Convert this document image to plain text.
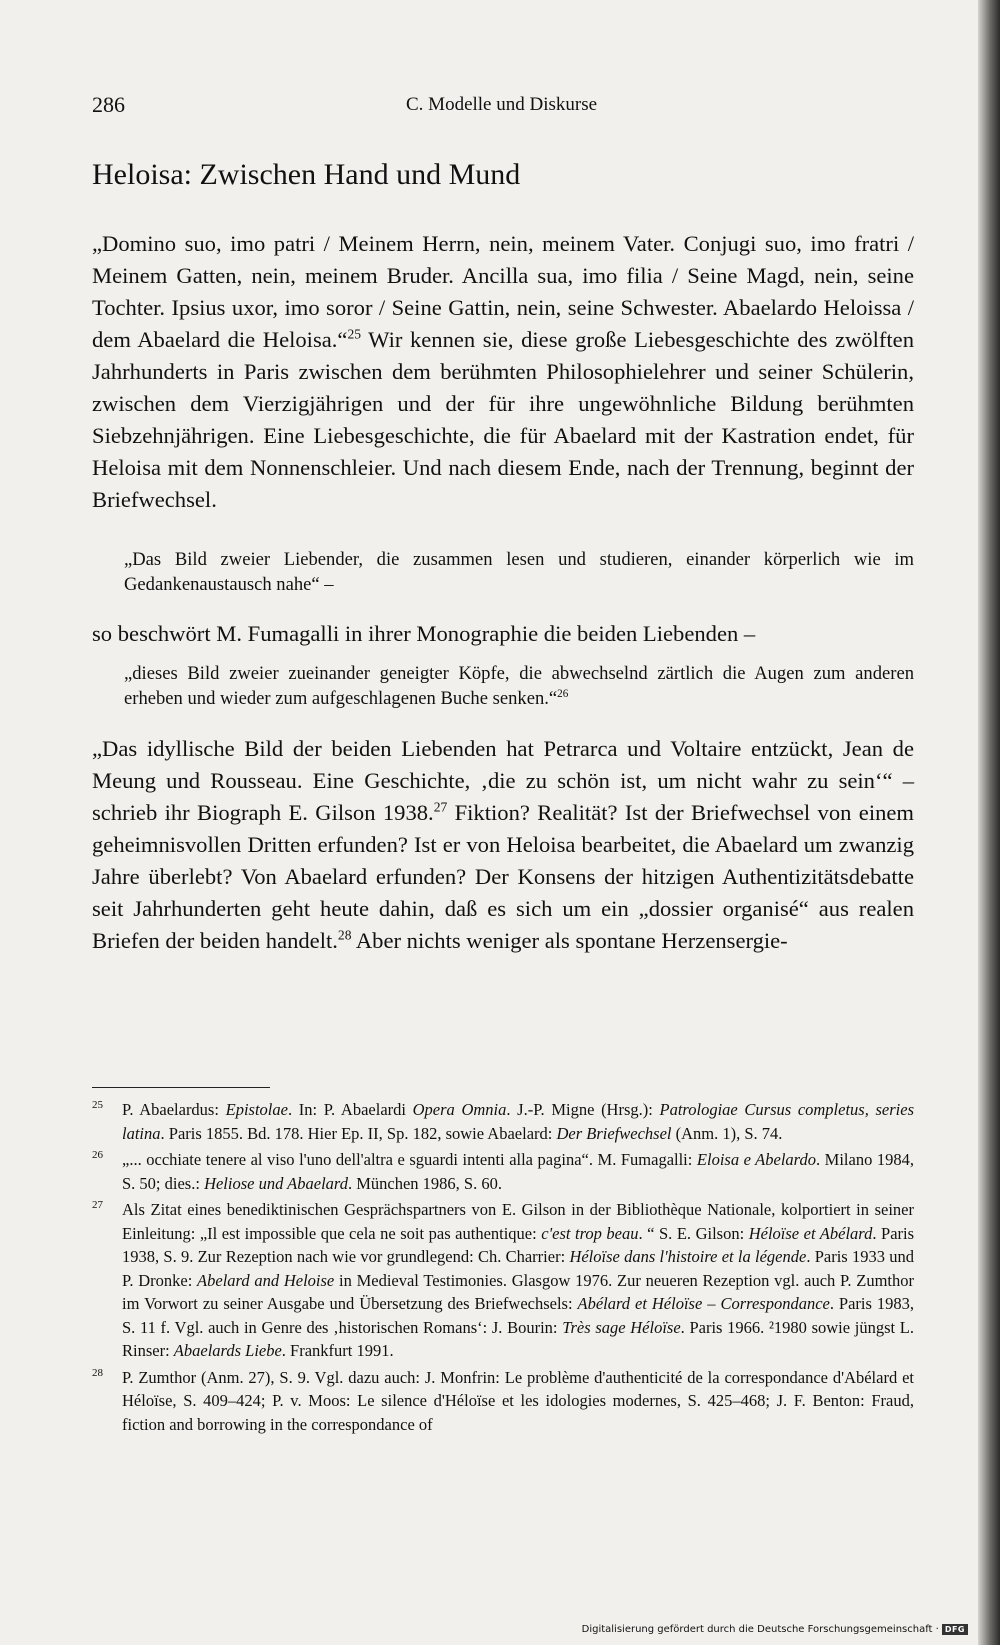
286	C. Modelle und Diskurse
Heloisa: Zwischen Hand und Mund

„Domino suo, imo patri / Meinem Herrn, nein, meinem Vater. Conjugi suo, imo fratri / Meinem Gatten, nein, meinem Bruder. Ancilla sua, imo filia / Seine Magd, nein, seine Tochter. Ipsius uxor, imo soror / Seine Gattin, nein, seine Schwester. Abaelardo Heloissa / dem Abaelard die Heloisa.“$^{25}$ Wir kennen sie, diese große Liebesgeschichte des zwölften Jahrhunderts in Paris zwischen dem berühmten Philosophielehrer und seiner Schülerin, zwischen dem Vierzigjährigen und der für ihre ungewöhnliche Bildung berühmten Siebzehnjährigen. Eine Liebesgeschichte, die für Abaelard mit der Kastration endet, für Heloisa mit dem Nonnenschleier. Und nach diesem Ende, nach der Trennung, beginnt der Briefwechsel.

„Das Bild zweier Liebender, die zusammen lesen und studieren, einander körperlich wie im Gedankenaustausch nahe“ –

so beschwört M. Fumagalli in ihrer Monographie die beiden Liebenden –

„dieses Bild zweier zueinander geneigter Köpfe, die abwechselnd zärtlich die Augen zum anderen erheben und wieder zum aufgeschlagenen Buche senken.“$^{26}$

„Das idyllische Bild der beiden Liebenden hat Petrarca und Voltaire entzückt, Jean de Meung und Rousseau. Eine Geschichte, ‚die zu schön ist, um nicht wahr zu sein‘“ – schrieb ihr Biograph E. Gilson 1938.27 Fiktion? Realität? Ist der Briefwechsel von einem geheimnisvollen Dritten erfunden? Ist er von Heloisa bearbeitet, die Abaelard um zwanzig Jahre überlebt? Von Abaelard erfunden? Der Konsens der hitzigen Authentizitätsdebatte seit Jahrhunderten geht heute dahin, daß es sich um ein „dossier organisé“ aus realen Briefen der beiden handelt.$^{28}$ Aber nichts weniger als spontane Herzensergie-

25 P. Abaelardus: Epistolae. In: P. Abaelardi Opera Omnia. J.-P. Migne (Hrsg.): Patrologiae Cursus completus, series latina. Paris 1855. Bd. 178. Hier Ep. II, Sp. 182, sowie Abaelard: Der Briefwechsel (Anm. 1), S. 74.
26 „... occhiate tenere al viso l'uno dell'altra e sguardi intenti alla pagina“. M. Fumagalli: Eloisa e Abelardo. Milano 1984, S. 50; dies.: Heliose und Abaelard. München 1986, S. 60.
27 Als Zitat eines benediktinischen Gesprächspartners von E. Gilson in der Bibliothèque Nationale, kolportiert in seiner Einleitung: „Il est impossible que cela ne soit pas authentique: c'est trop beau. “ S. E. Gilson: Héloïse et Abélard. Paris 1938, S. 9. Zur Rezeption nach wie vor grundlegend: Ch. Charrier: Héloïse dans l'histoire et la légende. Paris 1933 und P. Dronke: Abelard and Heloise in Medieval Testimonies. Glasgow 1976. Zur neueren Rezeption vgl. auch P. Zumthor im Vorwort zu seiner Ausgabe und Übersetzung des Briefwechsels: Abélard et Héloïse – Correspondance. Paris 1983, S. 11 f. Vgl. auch in Genre des ‚historischen Romans‘: J. Bourin: Très sage Héloïse. Paris 1966. ²1980 sowie jüngst L. Rinser: Abaelards Liebe. Frankfurt 1991.
28 P. Zumthor (Anm. 27), S. 9. Vgl. dazu auch: J. Monfrin: Le problème d'authenticité de la correspondance d'Abélard et Héloïse, S. 409–424; P. v. Moos: Le silence d'Héloïse et les idologies modernes, S. 425–468; J. F. Benton: Fraud, fiction and borrowing in the correspondance of
Digitalisierung gefördert durch die Deutsche Forschungsgemeinschaft · DFG
